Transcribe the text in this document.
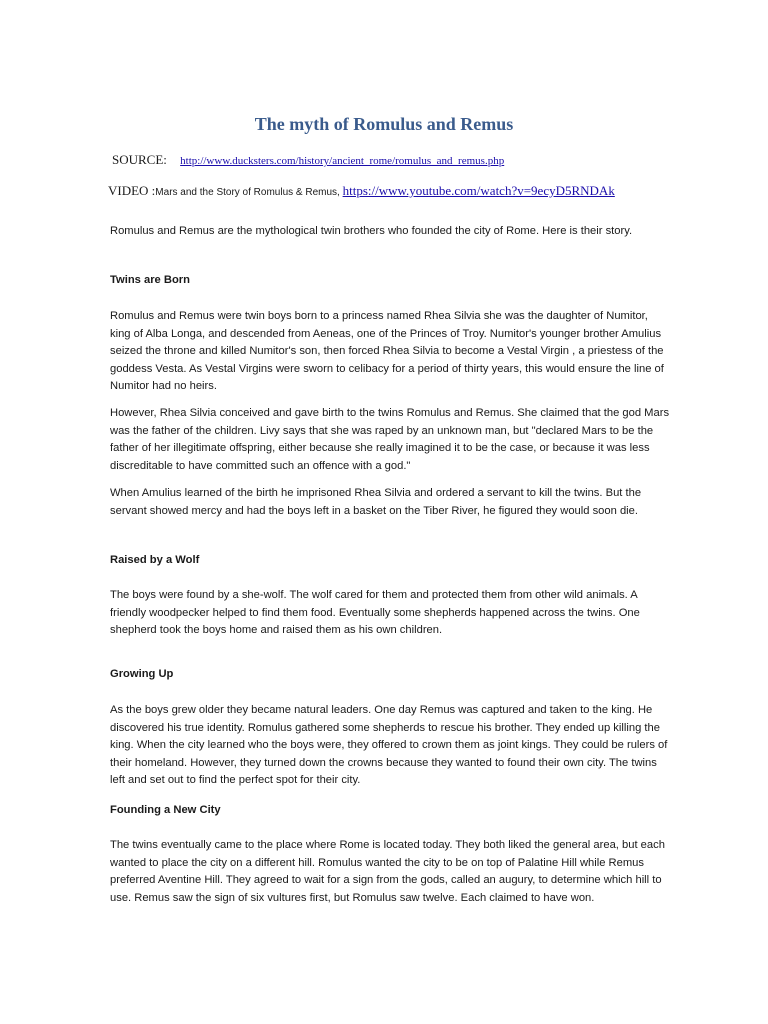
The myth of Romulus and Remus
SOURCE: http://www.ducksters.com/history/ancient_rome/romulus_and_remus.php
VIDEO :Mars and the Story of Romulus & Remus, https://www.youtube.com/watch?v=9ecyD5RNDAk
Romulus and Remus are the mythological twin brothers who founded the city of Rome. Here is their story.
Twins are Born
Romulus and Remus were twin boys born to a princess named Rhea Silvia she was the daughter of Numitor, king of Alba Longa, and descended from Aeneas, one of the Princes of Troy. Numitor's younger brother Amulius seized the throne and killed Numitor's son, then forced Rhea Silvia to become a Vestal Virgin , a priestess of the goddess Vesta. As Vestal Virgins were sworn to celibacy for a period of thirty years, this would ensure the line of Numitor had no heirs.
However, Rhea Silvia conceived and gave birth to the twins Romulus and Remus. She claimed that the god Mars was the father of the children. Livy says that she was raped by an unknown man, but "declared Mars to be the father of her illegitimate offspring, either because she really imagined it to be the case, or because it was less discreditable to have committed such an offence with a god."
When Amulius learned of the birth he imprisoned Rhea Silvia and ordered a servant to kill the twins. But the servant showed mercy and had the boys left in a basket on the Tiber River, he figured they would soon die.
Raised by a Wolf
The boys were found by a she-wolf. The wolf cared for them and protected them from other wild animals. A friendly woodpecker helped to find them food. Eventually some shepherds happened across the twins. One shepherd took the boys home and raised them as his own children.
Growing Up
As the boys grew older they became natural leaders. One day Remus was captured and taken to the king. He discovered his true identity. Romulus gathered some shepherds to rescue his brother. They ended up killing the king. When the city learned who the boys were, they offered to crown them as joint kings. They could be rulers of their homeland. However, they turned down the crowns because they wanted to found their own city. The twins left and set out to find the perfect spot for their city.
Founding a New City
The twins eventually came to the place where Rome is located today. They both liked the general area, but each wanted to place the city on a different hill. Romulus wanted the city to be on top of Palatine Hill while Remus preferred Aventine Hill. They agreed to wait for a sign from the gods, called an augury, to determine which hill to use. Remus saw the sign of six vultures first, but Romulus saw twelve. Each claimed to have won.
